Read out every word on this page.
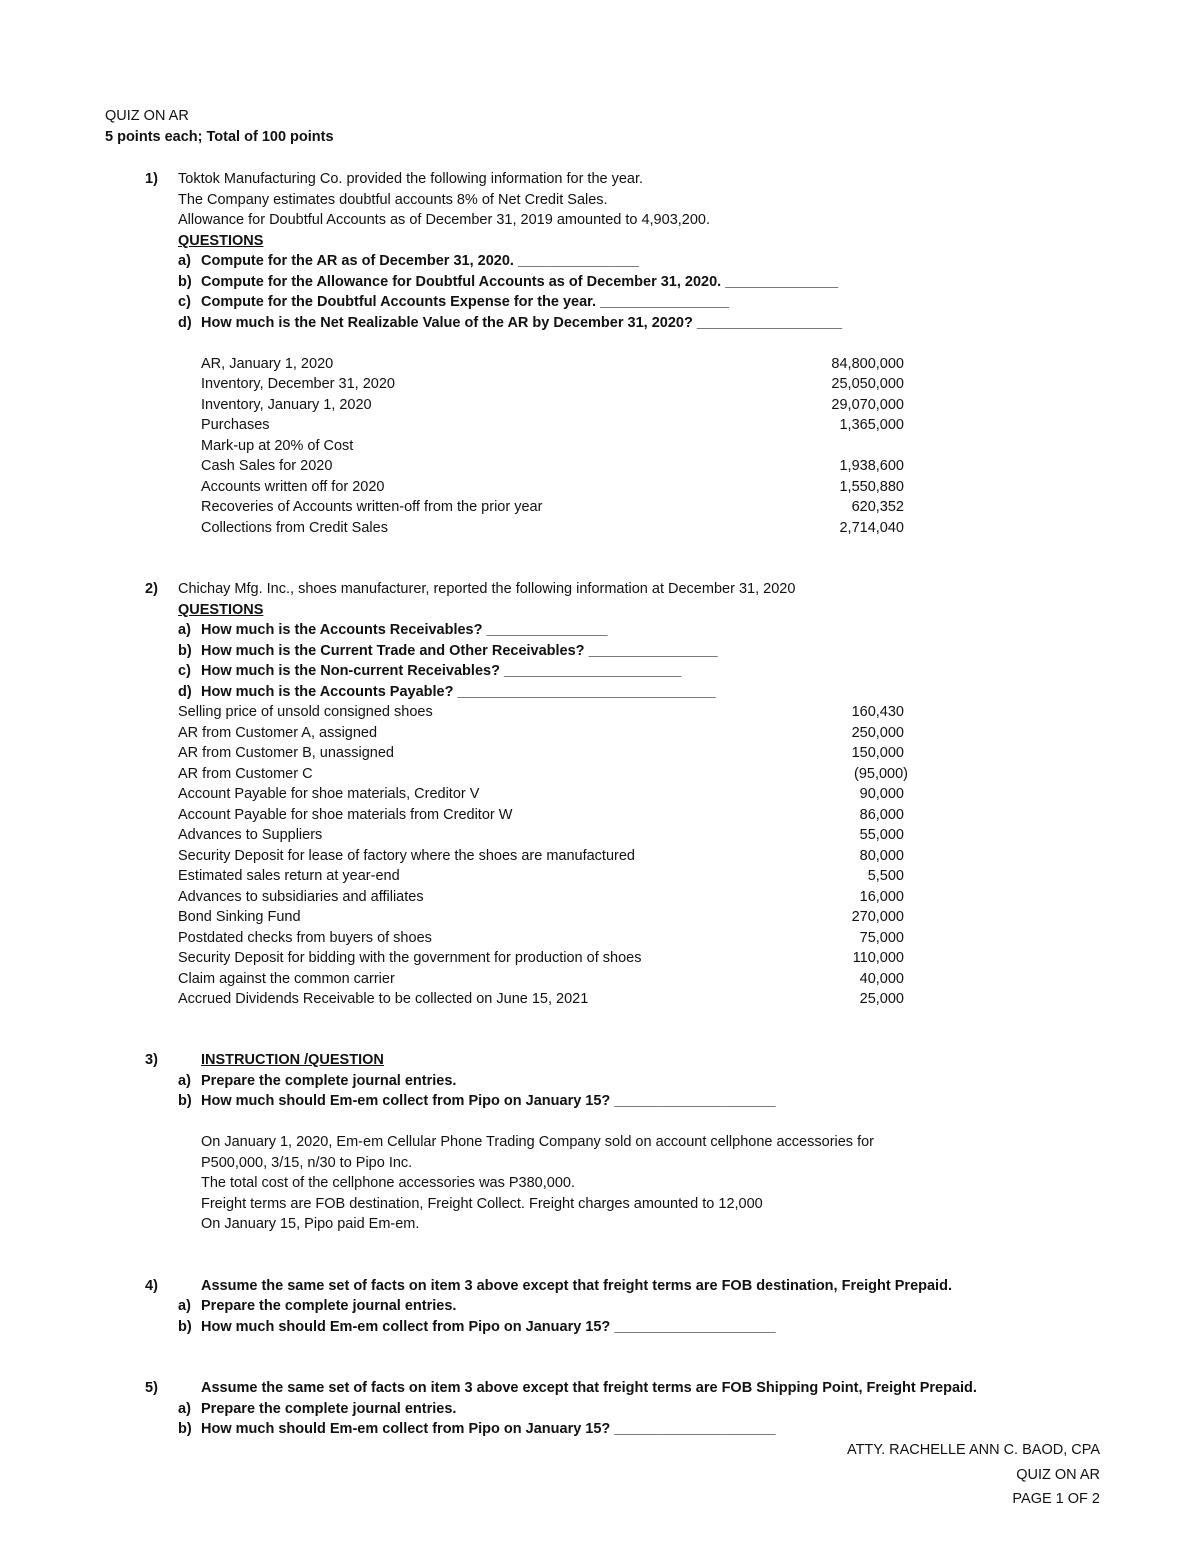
QUIZ ON AR
5 points each; Total of 100 points
1) Toktok Manufacturing Co. provided the following information for the year.
The Company estimates doubtful accounts 8% of Net Credit Sales.
Allowance for Doubtful Accounts as of December 31, 2019 amounted to 4,903,200.
QUESTIONS
a) Compute for the AR as of December 31, 2020. _______________
b) Compute for the Allowance for Doubtful Accounts as of December 31, 2020. ______________
c) Compute for the Doubtful Accounts Expense for the year. ________________
d) How much is the Net Realizable Value of the AR by December 31, 2020? __________________
AR, January 1, 2020	84,800,000
Inventory, December 31, 2020	25,050,000
Inventory, January 1, 2020	29,070,000
Purchases	1,365,000
Mark-up at 20% of Cost
Cash Sales for 2020	1,938,600
Accounts written off for 2020	1,550,880
Recoveries of Accounts written-off from the prior year	620,352
Collections from Credit Sales	2,714,040
2) Chichay Mfg. Inc., shoes manufacturer, reported the following information at December 31, 2020
QUESTIONS
a) How much is the Accounts Receivables? _______________
b) How much is the Current Trade and Other Receivables? ________________
c) How much is the Non-current Receivables? ______________________
d) How much is the Accounts Payable? ________________________________
Selling price of unsold consigned shoes	160,430
AR from Customer A, assigned	250,000
AR from Customer B, unassigned	150,000
AR from Customer C	(95,000)
Account Payable for shoe materials, Creditor V	90,000
Account Payable for shoe materials from Creditor W	86,000
Advances to Suppliers	55,000
Security Deposit for lease of factory where the shoes are manufactured	80,000
Estimated sales return at year-end	5,500
Advances to subsidiaries and affiliates	16,000
Bond Sinking Fund	270,000
Postdated checks from buyers of shoes	75,000
Security Deposit for bidding with the government for production of shoes	110,000
Claim against the common carrier	40,000
Accrued Dividends Receivable to be collected on June 15, 2021	25,000
3)	INSTRUCTION /QUESTION
a) Prepare the complete journal entries.
b) How much should Em-em collect from Pipo on January 15? ____________________
On January 1, 2020, Em-em Cellular Phone Trading Company sold on account cellphone accessories for
P500,000, 3/15, n/30 to Pipo Inc.
The total cost of the cellphone accessories was P380,000.
Freight terms are FOB destination, Freight Collect. Freight charges amounted to 12,000
On January 15, Pipo paid Em-em.
4)	Assume the same set of facts on item 3 above except that freight terms are FOB destination, Freight Prepaid.
a) Prepare the complete journal entries.
b) How much should Em-em collect from Pipo on January 15? ____________________
5)	Assume the same set of facts on item 3 above except that freight terms are FOB Shipping Point, Freight Prepaid.
a) Prepare the complete journal entries.
b) How much should Em-em collect from Pipo on January 15? ____________________
ATTY. RACHELLE ANN C. BAOD, CPA
QUIZ ON AR
PAGE 1 OF 2
